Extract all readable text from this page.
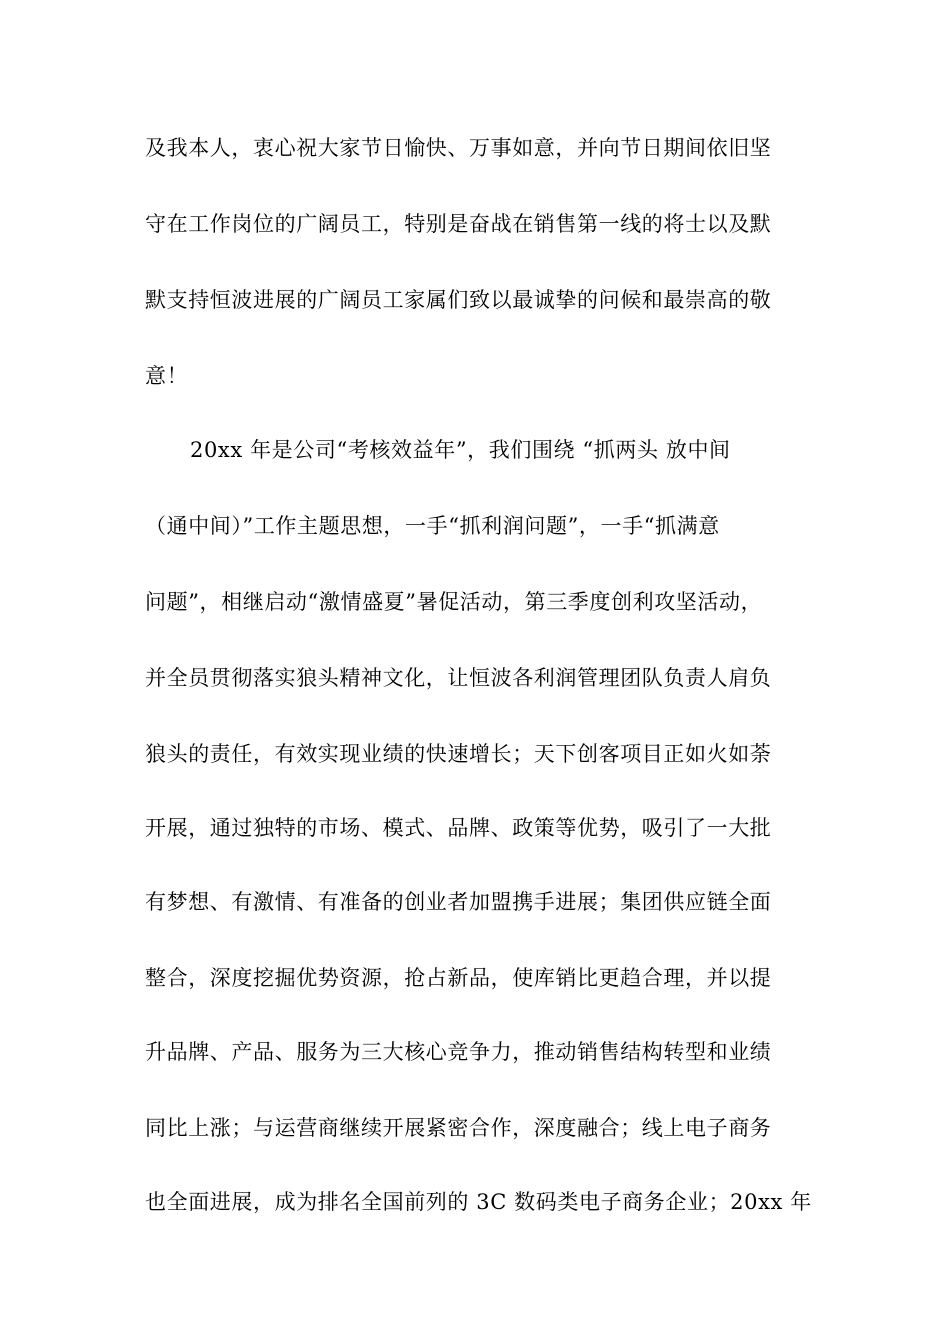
及我本人，衷心祝大家节日愉快、万事如意，并向节日期间依旧坚
守在工作岗位的广阔员工，特别是奋战在销售第一线的将士以及默
默支持恒波进展的广阔员工家属们致以最诚挚的问候和最崇高的敬
意！
20xx 年是公司“考核效益年”，我们围绕 “抓两头 放中间
（通中间）”工作主题思想，一手“抓利润问题”，一手“抓满意
问题”，相继启动“激情盛夏”暑促活动，第三季度创利攻坚活动，
并全员贯彻落实狼头精神文化，让恒波各利润管理团队负责人肩负
狼头的责任，有效实现业绩的快速增长；天下创客项目正如火如荼
开展，通过独特的市场、模式、品牌、政策等优势，吸引了一大批
有梦想、有激情、有准备的创业者加盟携手进展；集团供应链全面
整合，深度挖掘优势资源，抢占新品，使库销比更趋合理，并以提
升品牌、产品、服务为三大核心竞争力，推动销售结构转型和业绩
同比上涨；与运营商继续开展紧密合作，深度融合；线上电子商务
也全面进展，成为排名全国前列的 3C 数码类电子商务企业；20xx 年
